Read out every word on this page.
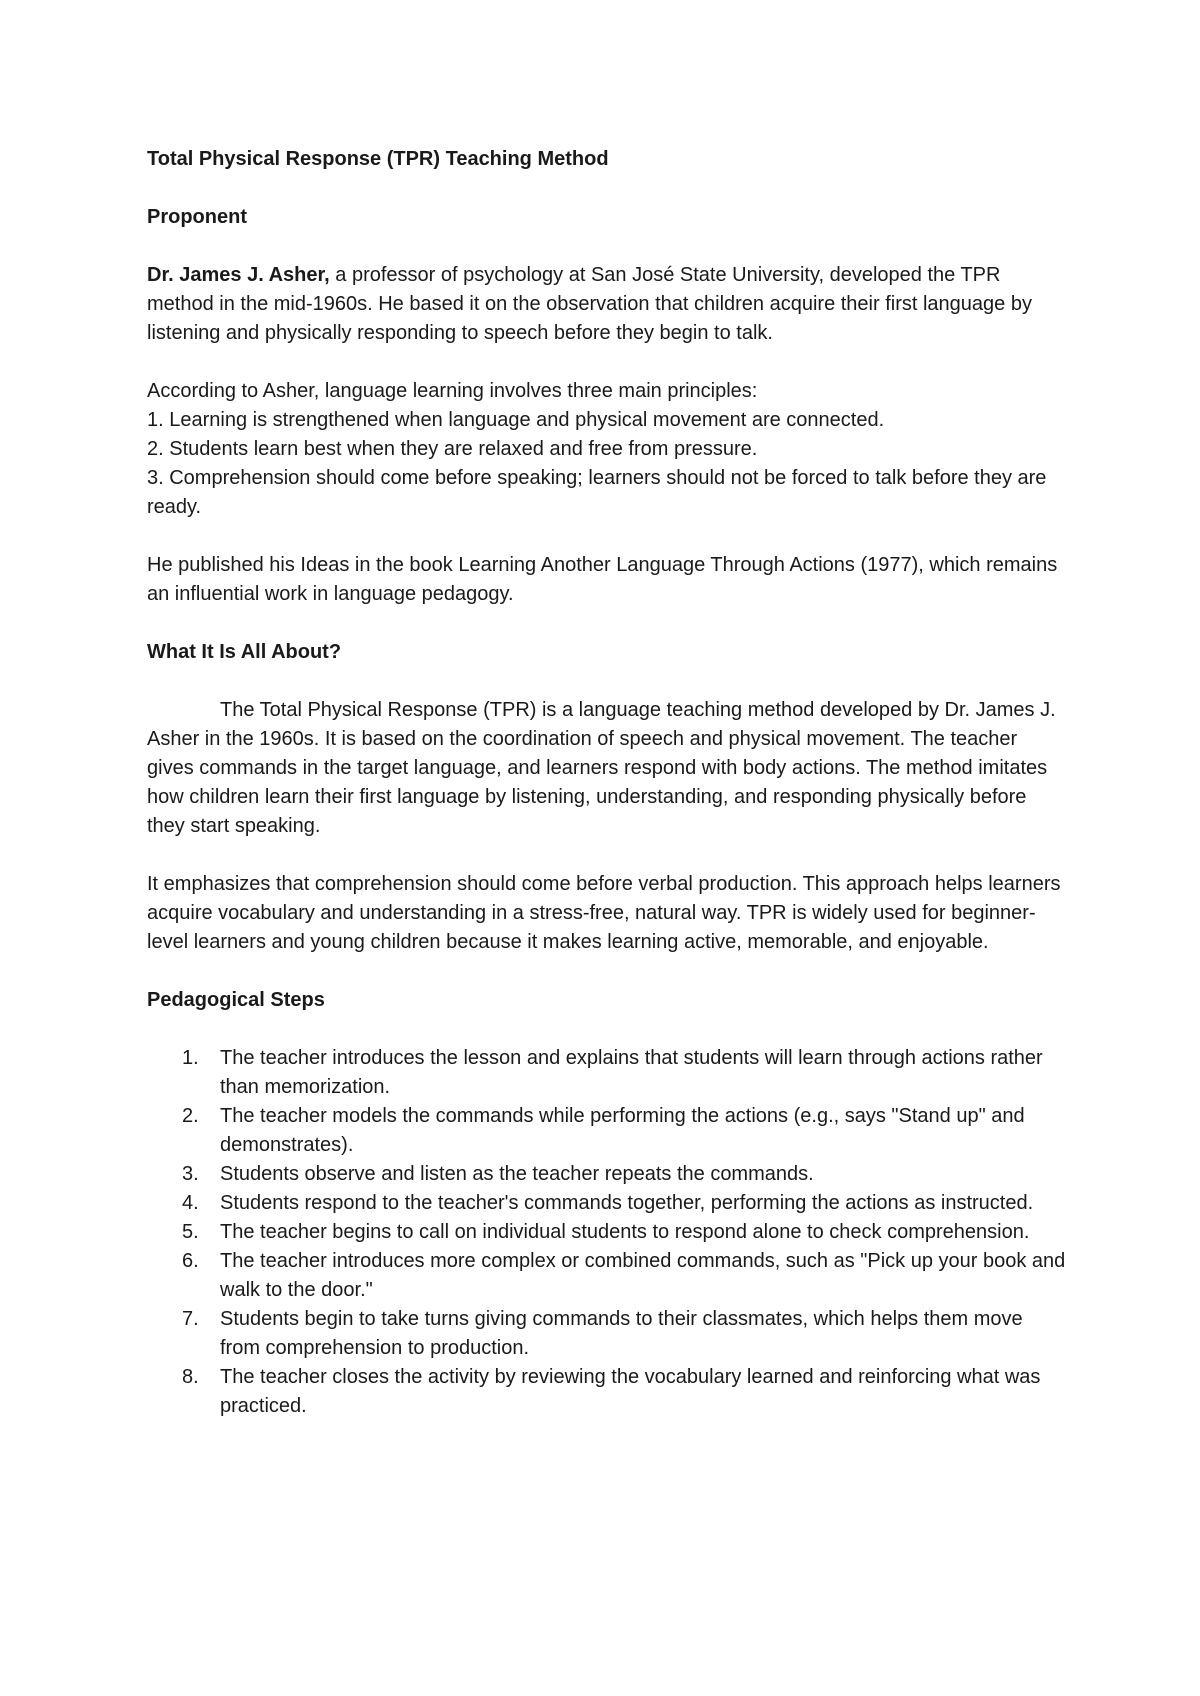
Total Physical Response (TPR) Teaching Method

Proponent

Dr. James J. Asher, a professor of psychology at San José State University, developed the TPR method in the mid-1960s. He based it on the observation that children acquire their first language by listening and physically responding to speech before they begin to talk.

According to Asher, language learning involves three main principles:

1. Learning is strengthened when language and physical movement are connected.

2. Students learn best when they are relaxed and free from pressure.

3. Comprehension should come before speaking; learners should not be forced to talk before they are ready.

He published his Ideas in the book Learning Another Language Through Actions (1977), which remains an influential work in language pedagogy.

What It Is All About?

The Total Physical Response (TPR) is a language teaching method developed by Dr. James J. Asher in the 1960s. It is based on the coordination of speech and physical movement. The teacher gives commands in the target language, and learners respond with body actions. The method imitates how children learn their first language by listening, understanding, and responding physically before they start speaking.

It emphasizes that comprehension should come before verbal production. This approach helps learners acquire vocabulary and understanding in a stress-free, natural way. TPR is widely used for beginner-level learners and young children because it makes learning active, memorable, and enjoyable.

Pedagogical Steps

1. The teacher introduces the lesson and explains that students will learn through actions rather than memorization.
2. The teacher models the commands while performing the actions (e.g., says "Stand up" and demonstrates).
3. Students observe and listen as the teacher repeats the commands.
4. Students respond to the teacher's commands together, performing the actions as instructed.
5. The teacher begins to call on individual students to respond alone to check comprehension.
6. The teacher introduces more complex or combined commands, such as "Pick up your book and walk to the door."
7. Students begin to take turns giving commands to their classmates, which helps them move from comprehension to production.
8. The teacher closes the activity by reviewing the vocabulary learned and reinforcing what was practiced.
